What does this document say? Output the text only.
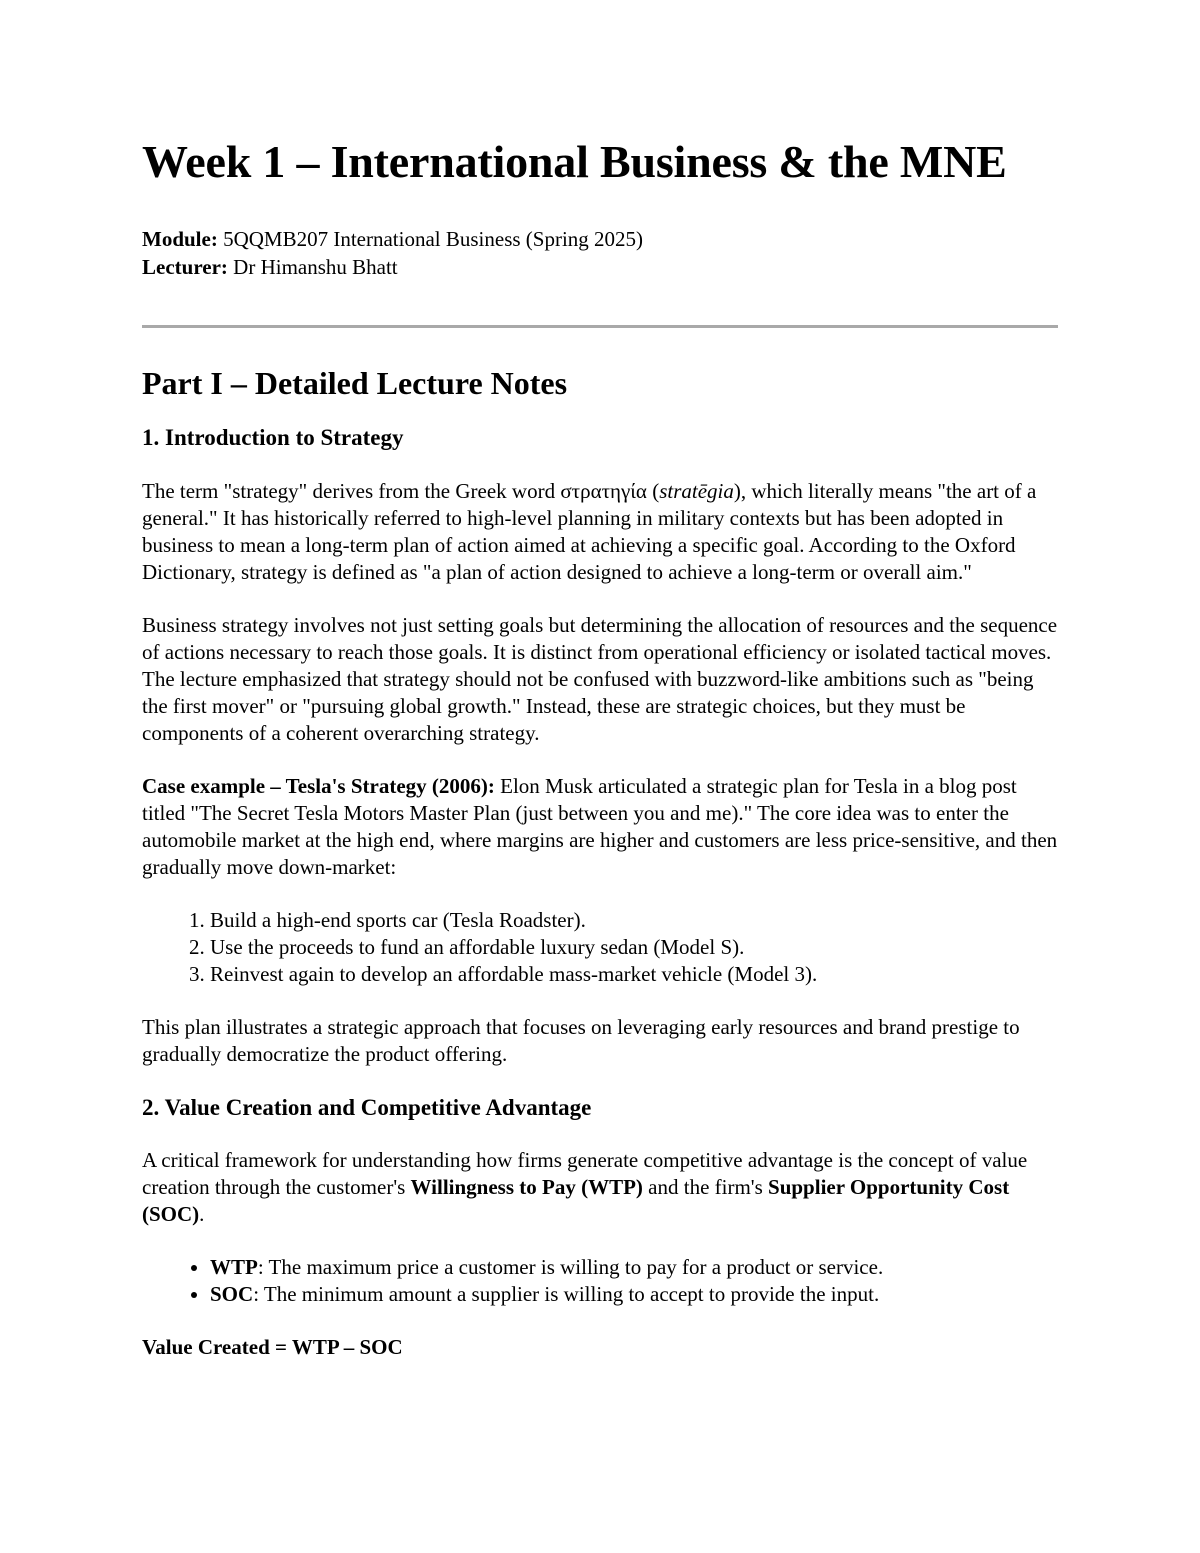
Week 1 – International Business & the MNE

Module: 5QQMB207 International Business (Spring 2025)

Lecturer: Dr Himanshu Bhatt

Part I – Detailed Lecture Notes
1. Introduction to Strategy

The term "strategy" derives from the Greek word στρατηγία (stratēgia), which literally means "the art of a general." It has historically referred to high-level planning in military contexts but has been adopted in business to mean a long-term plan of action aimed at achieving a specific goal. According to the Oxford Dictionary, strategy is defined as "a plan of action designed to achieve a long-term or overall aim."

Business strategy involves not just setting goals but determining the allocation of resources and the sequence of actions necessary to reach those goals. It is distinct from operational efficiency or isolated tactical moves. The lecture emphasized that strategy should not be confused with buzzword-like ambitions such as "being the first mover" or "pursuing global growth." Instead, these are strategic choices, but they must be components of a coherent overarching strategy.

Case example – Tesla's Strategy (2006): Elon Musk articulated a strategic plan for Tesla in a blog post titled "The Secret Tesla Motors Master Plan (just between you and me)." The core idea was to enter the automobile market at the high end, where margins are higher and customers are less price-sensitive, and then gradually move down-market:

1. Build a high-end sports car (Tesla Roadster).
2. Use the proceeds to fund an affordable luxury sedan (Model S).
3. Reinvest again to develop an affordable mass-market vehicle (Model 3).

This plan illustrates a strategic approach that focuses on leveraging early resources and brand prestige to gradually democratize the product offering.

2. Value Creation and Competitive Advantage

A critical framework for understanding how firms generate competitive advantage is the concept of value creation through the customer's Willingness to Pay (WTP) and the firm's Supplier Opportunity Cost (SOC).

• WTP: The maximum price a customer is willing to pay for a product or service.
• SOC: The minimum amount a supplier is willing to accept to provide the input.

Value Created = WTP – SOC
